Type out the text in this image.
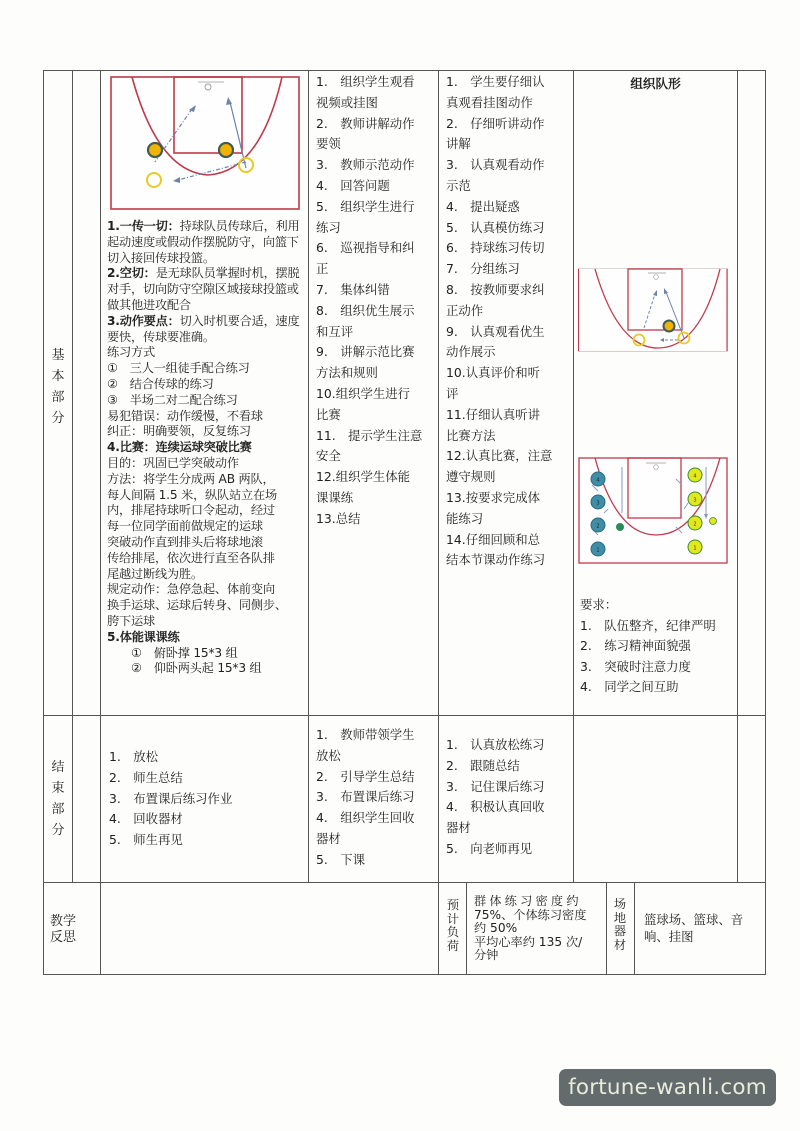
基
本
部
分
1.一传一切：持球队员传球后，利用起动速度或假动作摆脱防守，向篮下切入接回传球投篮。
2.空切：是无球队员掌握时机，摆脱对手，切向防守空隙区域接球投篮或做其他进攻配合
3.动作要点：切入时机要合适，速度要快，传球要准确。
练习方式
①　三人一组徒手配合练习
②　结合传球的练习
③　半场二对二配合练习
易犯错误：动作缓慢，不看球
纠正：明确要领，反复练习
4.比赛：连续运球突破比赛
目的：巩固已学突破动作
方法：将学生分成两 AB 两队，
每人间隔 1.5 米，纵队站立在场
内，排尾持球听口令起动，经过
每一位同学面前做规定的运球
突破动作直到排头后将球地滚
传给排尾，依次进行直至各队排
尾越过断线为胜。
规定动作：急停急起、体前变向
换手运球、运球后转身、同侧步、
胯下运球
5.体能课课练
①　俯卧撑 15*3 组
②　仰卧两头起 15*3 组
1.　组织学生观看
视频或挂图
2.　教师讲解动作
要领
3.　教师示范动作
4.　回答问题
5.　组织学生进行
练习
6.　巡视指导和纠
正
7.　集体纠错
8.　组织优生展示
和互评
9.　讲解示范比赛
方法和规则
10.组织学生进行
比赛
11.　提示学生注意
安全
12.组织学生体能
课课练
13.总结
1.　学生要仔细认
真观看挂图动作
2.　仔细听讲动作
讲解
3.　认真观看动作
示范
4.　提出疑惑
5.　认真模仿练习
6.　持球练习传切
7.　分组练习
8.　按教师要求纠
正动作
9.　认真观看优生
动作展示
10.认真评价和听
评
11.仔细认真听讲
比赛方法
12.认真比赛，注意
遵守规则
13.按要求完成体
能练习
14.仔细回顾和总
结本节课动作练习
组织队形
4
3
2
1
4
3
2
1
要求：
1.　队伍整齐，纪律严明
2.　练习精神面貌强
3.　突破时注意力度
4.　同学之间互助
结
束
部
分
1.　放松
2.　师生总结
3.　布置课后练习作业
4.　回收器材
5.　师生再见
1.　教师带领学生
放松
2.　引导学生总结
3.　布置课后练习
4.　组织学生回收
器材
5.　下课
1.　认真放松练习
2.　跟随总结
3.　记住课后练习
4.　积极认真回收
器材
5.　向老师再见
教学
反思
预
计
负
荷
群体练习密度约
75%、个体练习密度
约 50%
平均心率约 135 次/
分钟
场
地
器
材
篮球场、篮球、音
响、挂图
fortune-wanli.com
